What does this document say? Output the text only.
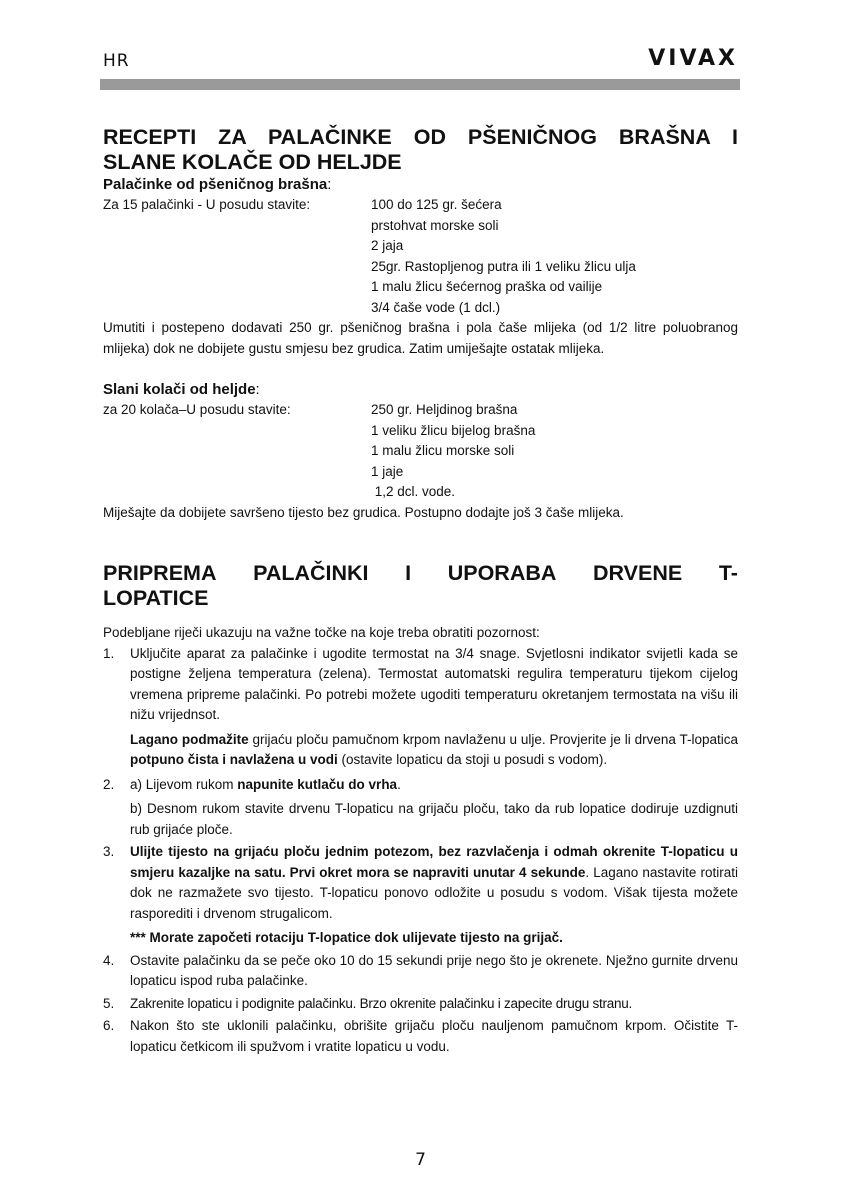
HR	VIVAX
RECEPTI ZA PALAČINKE OD PŠENIČNOG BRAŠNA I
SLANE KOLAČE OD HELJDE
Palačinke od pšeničnog brašna:
Za 15 palačinki - U posudu stavite:	100 do 125 gr. šećera
prstohvat morske soli
2 jaja
25gr. Rastopljenog putra ili 1 veliku žlicu ulja
1 malu žlicu šećernog praška od vailije
3/4 čaše vode (1 dcl.)

Umutiti i postepeno dodavati 250 gr. pšeničnog brašna i pola čaše mlijeka (od 1/2 litre poluobranog mlijeka) dok ne dobijete gustu smjesu bez grudica. Zatim umiješajte ostatak mlijeka.

Slani kolači od heljde:
za 20 kolača–U posudu stavite:	250 gr. Heljdinog brašna
1 veliku žlicu bijelog brašna
1 malu žlicu morske soli
1 jaje
1,2 dcl. vode.

Miješajte da dobijete savršeno tijesto bez grudica. Postupno dodajte još 3 čaše mlijeka.

PRIPREMA PALAČINKI I UPORABA DRVENE T-
LOPATICE

Podebljane riječi ukazuju na važne točke na koje treba obratiti pozornost:

1. Uključite aparat za palačinke i ugodite termostat na 3/4 snage. Svjetlosni indikator svijetli kada se postigne željena temperatura (zelena). Termostat automatski regulira temperaturu tijekom cijelog vremena pripreme palačinki. Po potrebi možete ugoditi temperaturu okretanjem termostata na višu ili nižu vrijednsot.

Lagano podmažite grijaću ploču pamučnom krpom navlaženu u ulje. Provjerite je li drvena T-lopatica potpuno čista i navlažena u vodi (ostavite lopaticu da stoji u posudi s vodom).

2. a) Lijevom rukom napunite kutlaču do vrha.

b) Desnom rukom stavite drvenu T-lopaticu na grijaču ploču, tako da rub lopatice dodiruje uzdignuti rub grijaće ploče.

3. Ulijte tijesto na grijaću ploču jednim potezom, bez razvlačenja i odmah okrenite T-lopaticu u smjeru kazaljke na satu. Prvi okret mora se napraviti unutar 4 sekunde. Lagano nastavite rotirati dok ne razmažete svo tijesto. T-lopaticu ponovo odložite u posudu s vodom. Višak tijesta možete rasporediti i drvenom strugalicom.

*** Morate započeti rotaciju T-lopatice dok ulijevate tijesto na grijač.

4. Ostavite palačinku da se peče oko 10 do 15 sekundi prije nego što je okrenete. Nježno gurnite drvenu lopaticu ispod ruba palačinke.

5. Zakrenite lopaticu i podignite palačinku. Brzo okrenite palačinku i zapecite drugu stranu.

6. Nakon što ste uklonili palačinku, obrišite grijaču ploču nauljenom pamučnom krpom. Očistite T-lopaticu četkicom ili spužvom i vratite lopaticu u vodu.

7
